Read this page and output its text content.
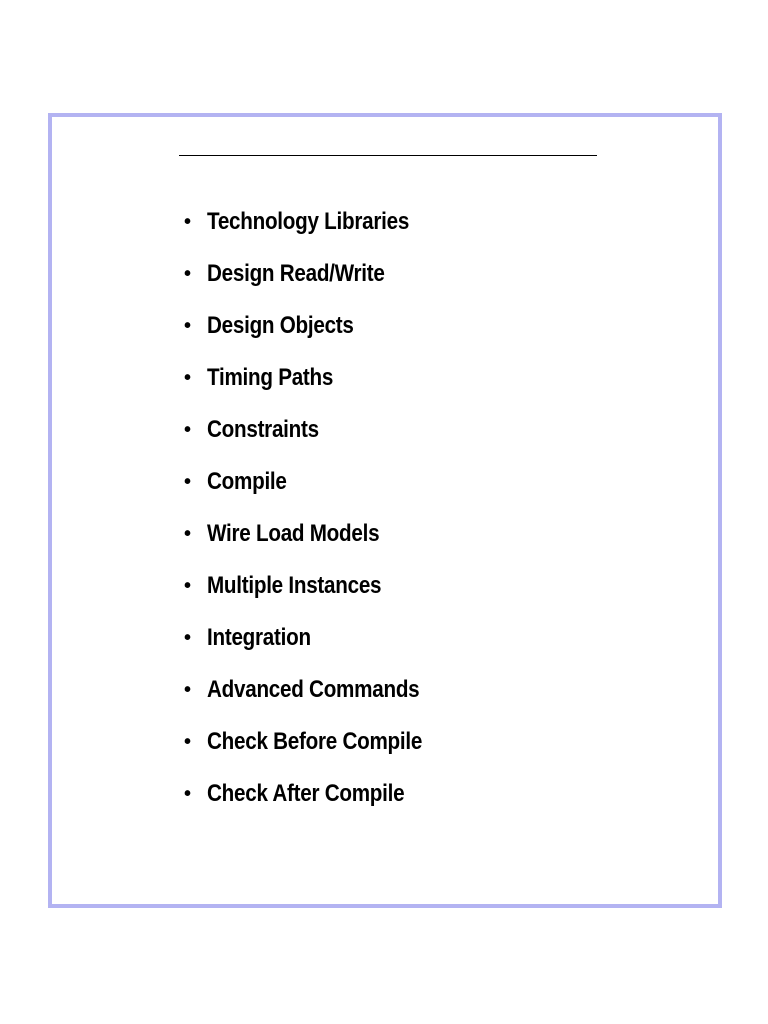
• Technology Libraries
• Design Read/Write
• Design Objects
• Timing Paths
• Constraints
• Compile
• Wire Load Models
• Multiple Instances
• Integration
• Advanced Commands
• Check Before Compile
• Check After Compile
